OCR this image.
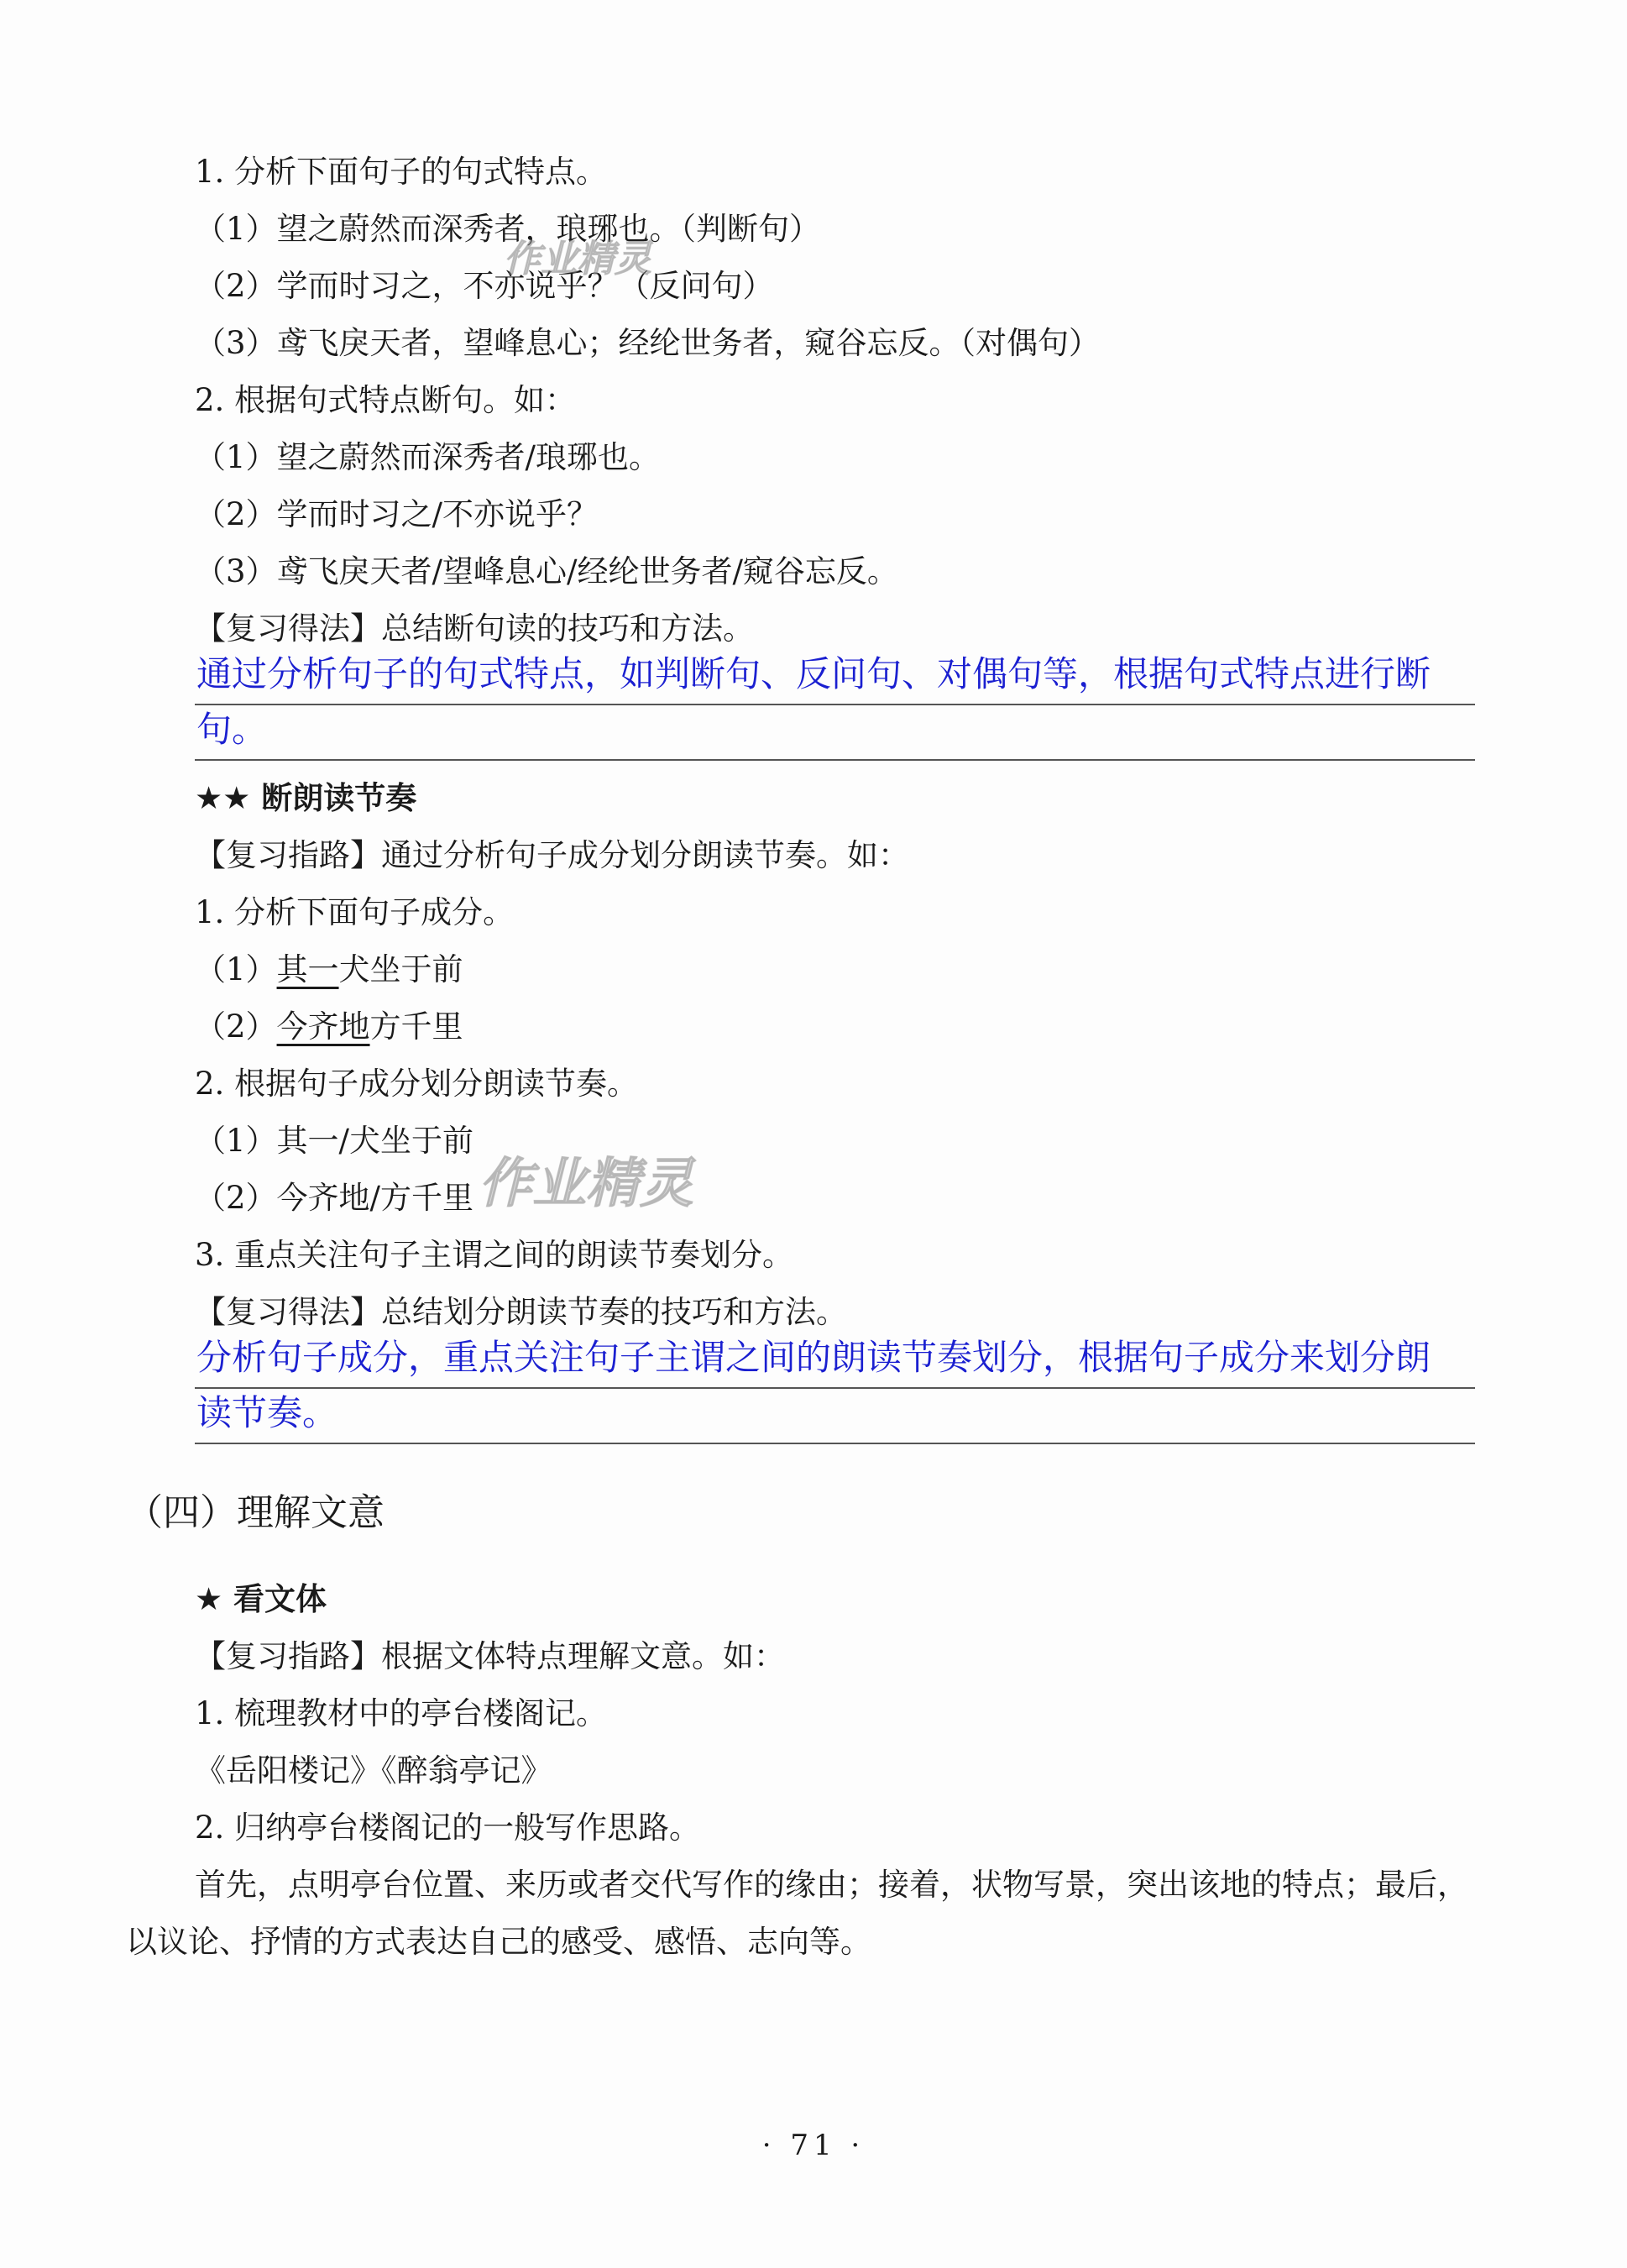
1. 分析下面句子的句式特点。
（1）望之蔚然而深秀者，琅琊也。（判断句）
（2）学而时习之，不亦说乎？（反问句）
（3）鸢飞戾天者，望峰息心；经纶世务者，窥谷忘反。（对偶句）
2. 根据句式特点断句。如：
（1）望之蔚然而深秀者/琅琊也。
（2）学而时习之/不亦说乎？
（3）鸢飞戾天者/望峰息心/经纶世务者/窥谷忘反。
【复习得法】总结断句读的技巧和方法。
通过分析句子的句式特点，如判断句、反问句、对偶句等，根据句式特点进行断
句。
★★ 断朗读节奏
【复习指路】通过分析句子成分划分朗读节奏。如：
1. 分析下面句子成分。
（1）其一犬坐于前
（2）今齐地方千里
2. 根据句子成分划分朗读节奏。
（1）其一/犬坐于前
（2）今齐地/方千里
3. 重点关注句子主谓之间的朗读节奏划分。
【复习得法】总结划分朗读节奏的技巧和方法。
分析句子成分，重点关注句子主谓之间的朗读节奏划分，根据句子成分来划分朗
读节奏。
（四）理解文意
★ 看文体
【复习指路】根据文体特点理解文意。如：
1. 梳理教材中的亭台楼阁记。
《岳阳楼记》《醉翁亭记》
2. 归纳亭台楼阁记的一般写作思路。
首先，点明亭台位置、来历或者交代写作的缘由；接着，状物写景，突出该地的特点；最后，
以议论、抒情的方式表达自己的感受、感悟、志向等。
作业精灵
作业精灵
· 71 ·
